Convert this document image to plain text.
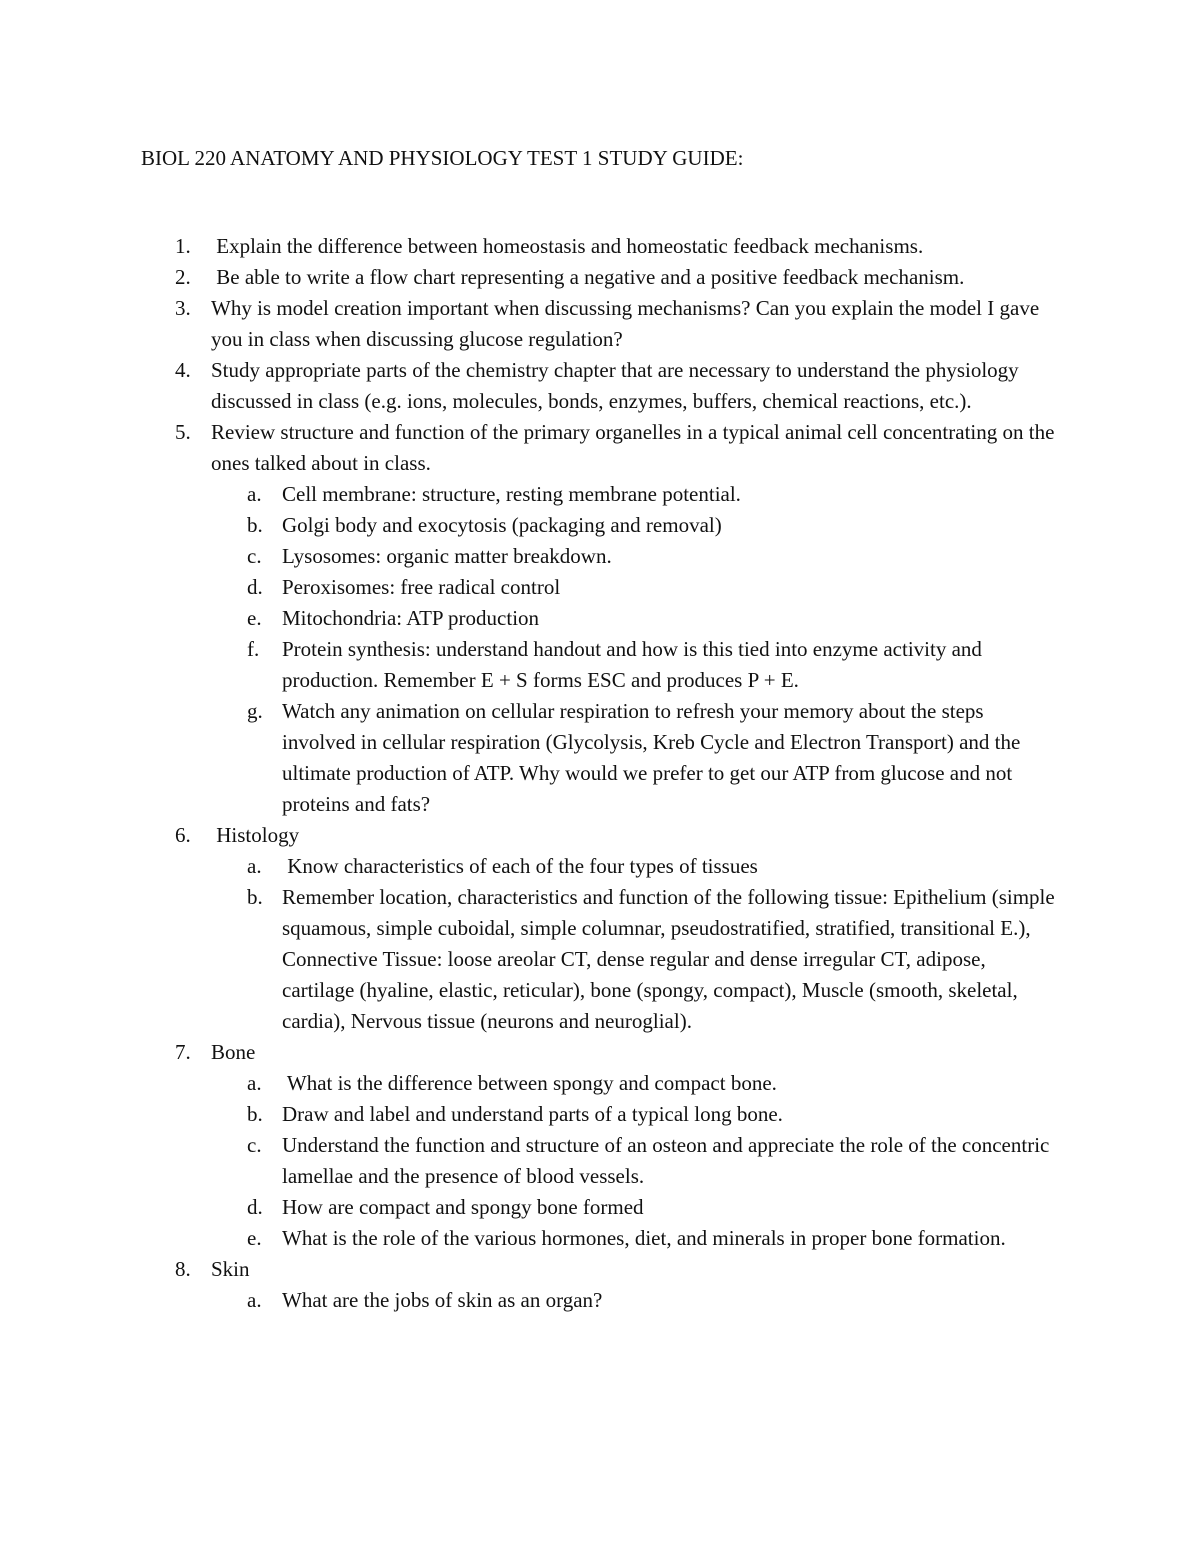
BIOL 220 ANATOMY AND PHYSIOLOGY TEST 1 STUDY GUIDE:
1. Explain the difference between homeostasis and homeostatic feedback mechanisms.
2. Be able to write a flow chart representing a negative and a positive feedback mechanism.
3. Why is model creation important when discussing mechanisms? Can you explain the model I gave you in class when discussing glucose regulation?
4. Study appropriate parts of the chemistry chapter that are necessary to understand the physiology discussed in class (e.g. ions, molecules, bonds, enzymes, buffers, chemical reactions, etc.).
5. Review structure and function of the primary organelles in a typical animal cell concentrating on the ones talked about in class.
a. Cell membrane: structure, resting membrane potential.
b. Golgi body and exocytosis (packaging and removal)
c. Lysosomes: organic matter breakdown.
d. Peroxisomes: free radical control
e. Mitochondria: ATP production
f. Protein synthesis: understand handout and how is this tied into enzyme activity and production. Remember E + S forms ESC and produces P + E.
g. Watch any animation on cellular respiration to refresh your memory about the steps involved in cellular respiration (Glycolysis, Kreb Cycle and Electron Transport) and the ultimate production of ATP. Why would we prefer to get our ATP from glucose and not proteins and fats?
6. Histology
a. Know characteristics of each of the four types of tissues
b. Remember location, characteristics and function of the following tissue: Epithelium (simple squamous, simple cuboidal, simple columnar, pseudostratified, stratified, transitional E.), Connective Tissue: loose areolar CT, dense regular and dense irregular CT, adipose, cartilage (hyaline, elastic, reticular), bone (spongy, compact), Muscle (smooth, skeletal, cardia), Nervous tissue (neurons and neuroglial).
7. Bone
a. What is the difference between spongy and compact bone.
b. Draw and label and understand parts of a typical long bone.
c. Understand the function and structure of an osteon and appreciate the role of the concentric lamellae and the presence of blood vessels.
d. How are compact and spongy bone formed
e. What is the role of the various hormones, diet, and minerals in proper bone formation.
8. Skin
a. What are the jobs of skin as an organ?
